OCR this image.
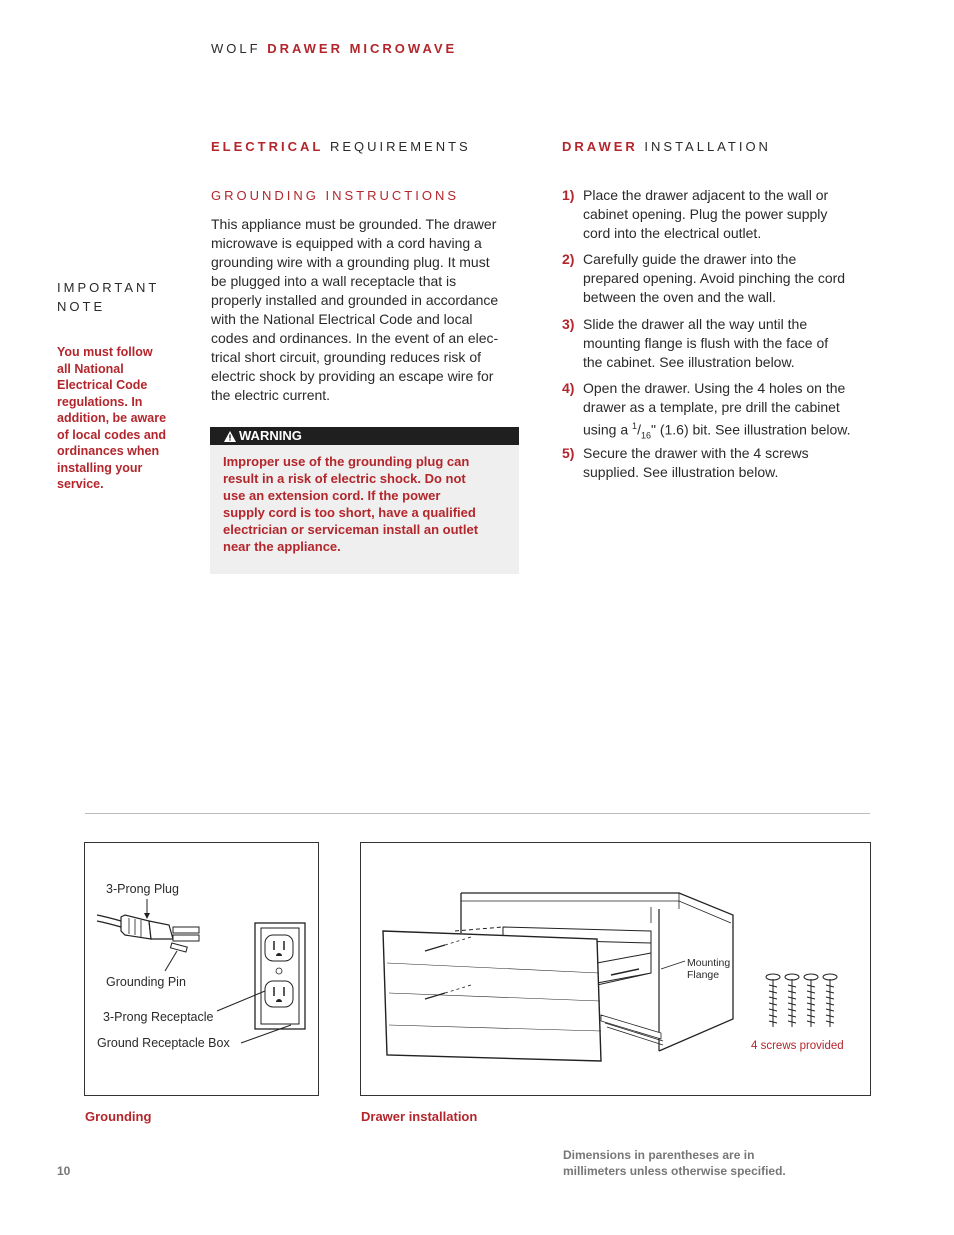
WOLF DRAWER MICROWAVE
ELECTRICAL REQUIREMENTS	DRAWER INSTALLATION
GROUNDING INSTRUCTIONS
This appliance must be grounded. The drawer
microwave is equipped with a cord having a
grounding wire with a grounding plug. It must
be plugged into a wall receptacle that is
properly installed and grounded in accordance
with the National Electrical Code and local
codes and ordinances. In the event of an elec-
trical short circuit, grounding reduces risk of
electric shock by providing an escape wire for
the electric current.
WARNING
Improper use of the grounding plug can
result in a risk of electric shock. Do not
use an extension cord. If the power
supply cord is too short, have a qualified
electrician or serviceman install an outlet
near the appliance.
IMPORTANT
NOTE
You must follow
all National
Electrical Code
regulations. In
addition, be aware
of local codes and
ordinances when
installing your
service.
1) Place the drawer adjacent to the wall or
cabinet opening. Plug the power supply
cord into the electrical outlet.
2) Carefully guide the drawer into the
prepared opening. Avoid pinching the cord
between the oven and the wall.
3) Slide the drawer all the way until the
mounting flange is flush with the face of
the cabinet. See illustration below.
4) Open the drawer. Using the 4 holes on the
drawer as a template, pre drill the cabinet
using a $^1/_{16}$" (1.6) bit. See illustration below.
5) Secure the drawer with the 4 screws
supplied. See illustration below.
3-Prong Plug
Grounding Pin
3-Prong Receptacle
Ground Receptacle Box
Grounding
Mounting
Flange
4 screws provided
Drawer installation
10
Dimensions in parentheses are in
millimeters unless otherwise specified.
